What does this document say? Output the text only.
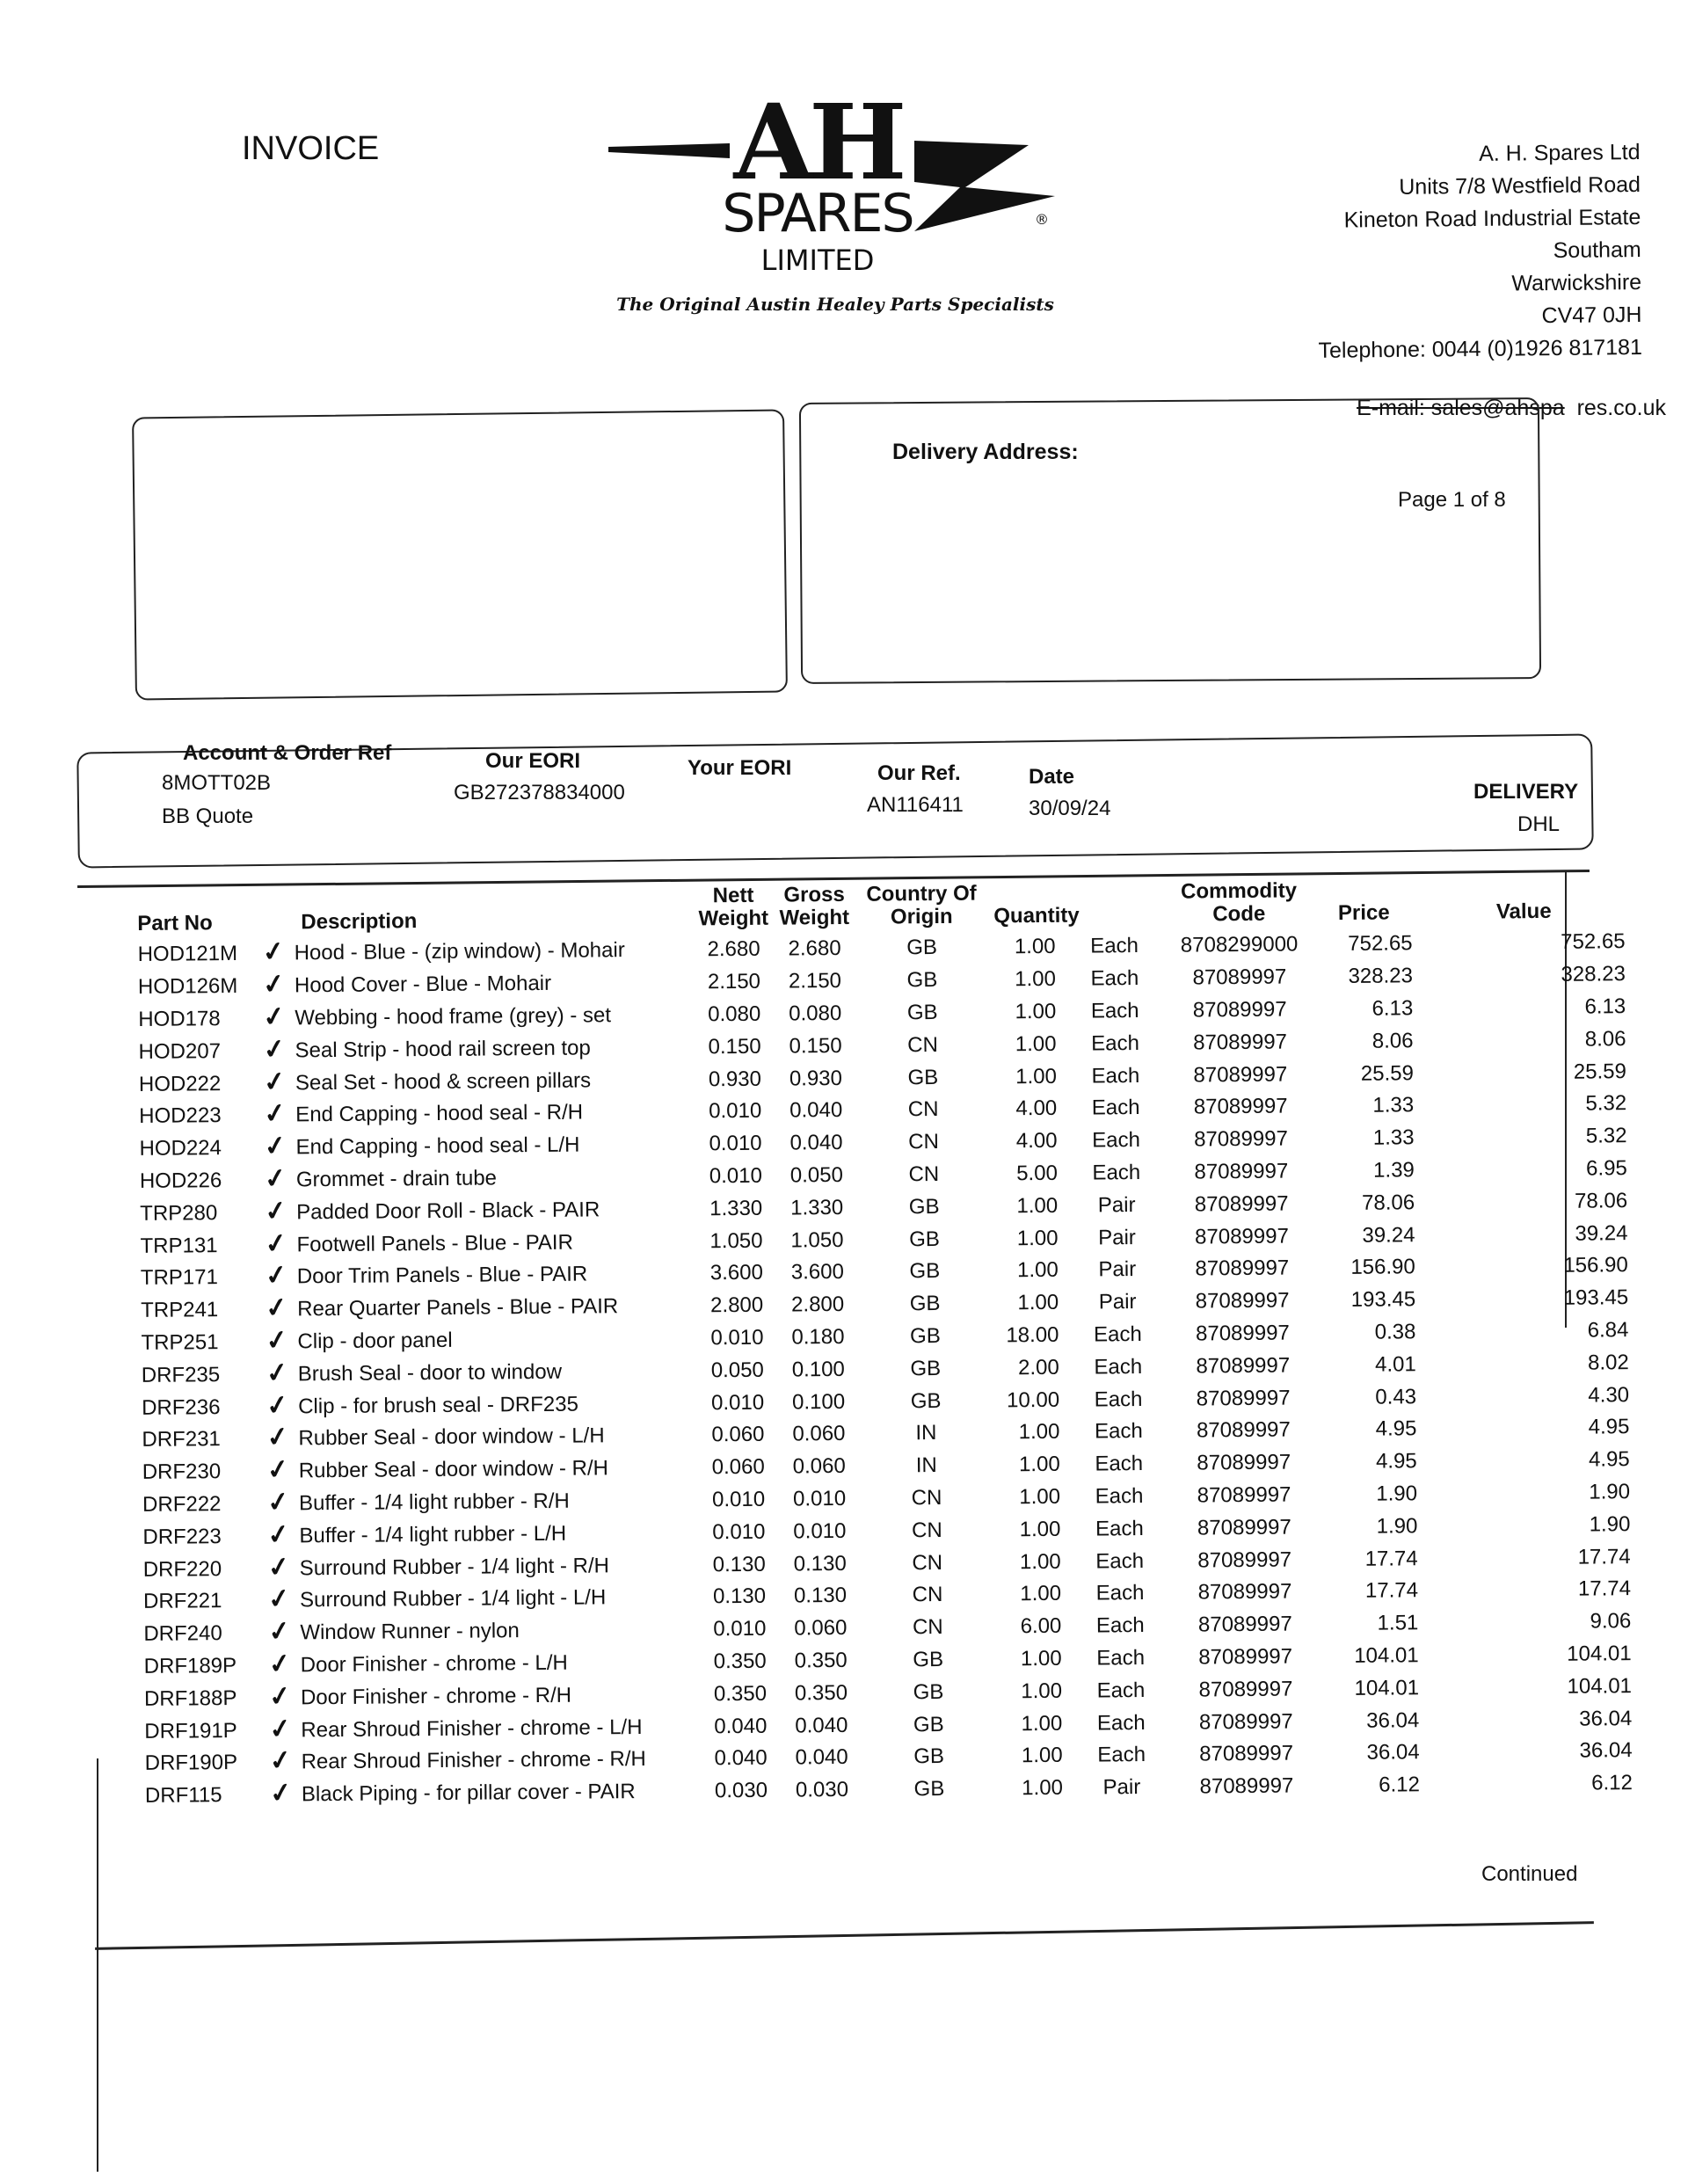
INVOICE	AH
SPARES	®
LIMITED
The Original Austin Healey Parts Specialists
A. H. Spares Ltd
Units 7/8 Westfield Road
Kineton Road Industrial Estate
Southam
Warwickshire
CV47 0JH
Telephone: 0044 (0)1926 817181
E-mail: sales@ahspa res.co.uk
Delivery Address:
Page 1 of 8
Account & Order Ref
8MOTT02B
BB Quote
Our EORI
GB272378834000
Your EORI	Our Ref.
AN116411
Date
30/09/24
DELIVERY
DHL
Part No	Description	Nett Weight	Gross Weight	Country Of Origin	Quantity		Commodity Code	Price	Value
HOD121M	✓ Hood - Blue - (zip window) - Mohair	2.680	2.680	GB	1.00	Each	8708299000	752.65	752.65
HOD126M	✓ Hood Cover - Blue - Mohair	2.150	2.150	GB	1.00	Each	87089997	328.23	328.23
HOD178	✓ Webbing - hood frame (grey) - set	0.080	0.080	GB	1.00	Each	87089997	6.13	6.13
HOD207	✓ Seal Strip - hood rail screen top	0.150	0.150	CN	1.00	Each	87089997	8.06	8.06
HOD222	✓ Seal Set - hood & screen pillars	0.930	0.930	GB	1.00	Each	87089997	25.59	25.59
HOD223	✓ End Capping - hood seal - R/H	0.010	0.040	CN	4.00	Each	87089997	1.33	5.32
HOD224	✓ End Capping - hood seal - L/H	0.010	0.040	CN	4.00	Each	87089997	1.33	5.32
HOD226	✓ Grommet - drain tube	0.010	0.050	CN	5.00	Each	87089997	1.39	6.95
TRP280	✓ Padded Door Roll - Black - PAIR	1.330	1.330	GB	1.00	Pair	87089997	78.06	78.06
TRP131	✓ Footwell Panels - Blue - PAIR	1.050	1.050	GB	1.00	Pair	87089997	39.24	39.24
TRP171	✓ Door Trim Panels - Blue - PAIR	3.600	3.600	GB	1.00	Pair	87089997	156.90	156.90
TRP241	✓ Rear Quarter Panels - Blue - PAIR	2.800	2.800	GB	1.00	Pair	87089997	193.45	193.45
TRP251	✓ Clip - door panel	0.010	0.180	GB	18.00	Each	87089997	0.38	6.84
DRF235	✓ Brush Seal - door to window	0.050	0.100	GB	2.00	Each	87089997	4.01	8.02
DRF236	✓ Clip - for brush seal - DRF235	0.010	0.100	GB	10.00	Each	87089997	0.43	4.30
DRF231	✓ Rubber Seal - door window - L/H	0.060	0.060	IN	1.00	Each	87089997	4.95	4.95
DRF230	✓ Rubber Seal - door window - R/H	0.060	0.060	IN	1.00	Each	87089997	4.95	4.95
DRF222	✓ Buffer - 1/4 light rubber - R/H	0.010	0.010	CN	1.00	Each	87089997	1.90	1.90
DRF223	✓ Buffer - 1/4 light rubber - L/H	0.010	0.010	CN	1.00	Each	87089997	1.90	1.90
DRF220	✓ Surround Rubber - 1/4 light - R/H	0.130	0.130	CN	1.00	Each	87089997	17.74	17.74
DRF221	✓ Surround Rubber - 1/4 light - L/H	0.130	0.130	CN	1.00	Each	87089997	17.74	17.74
DRF240	✓ Window Runner - nylon	0.010	0.060	CN	6.00	Each	87089997	1.51	9.06
DRF189P	✓ Door Finisher - chrome - L/H	0.350	0.350	GB	1.00	Each	87089997	104.01	104.01
DRF188P	✓ Door Finisher - chrome - R/H	0.350	0.350	GB	1.00	Each	87089997	104.01	104.01
DRF191P	✓ Rear Shroud Finisher - chrome - L/H	0.040	0.040	GB	1.00	Each	87089997	36.04	36.04
DRF190P	✓ Rear Shroud Finisher - chrome - R/H	0.040	0.040	GB	1.00	Each	87089997	36.04	36.04
DRF115	✓ Black Piping - for pillar cover - PAIR	0.030	0.030	GB	1.00	Pair	87089997	6.12	6.12
Continued
